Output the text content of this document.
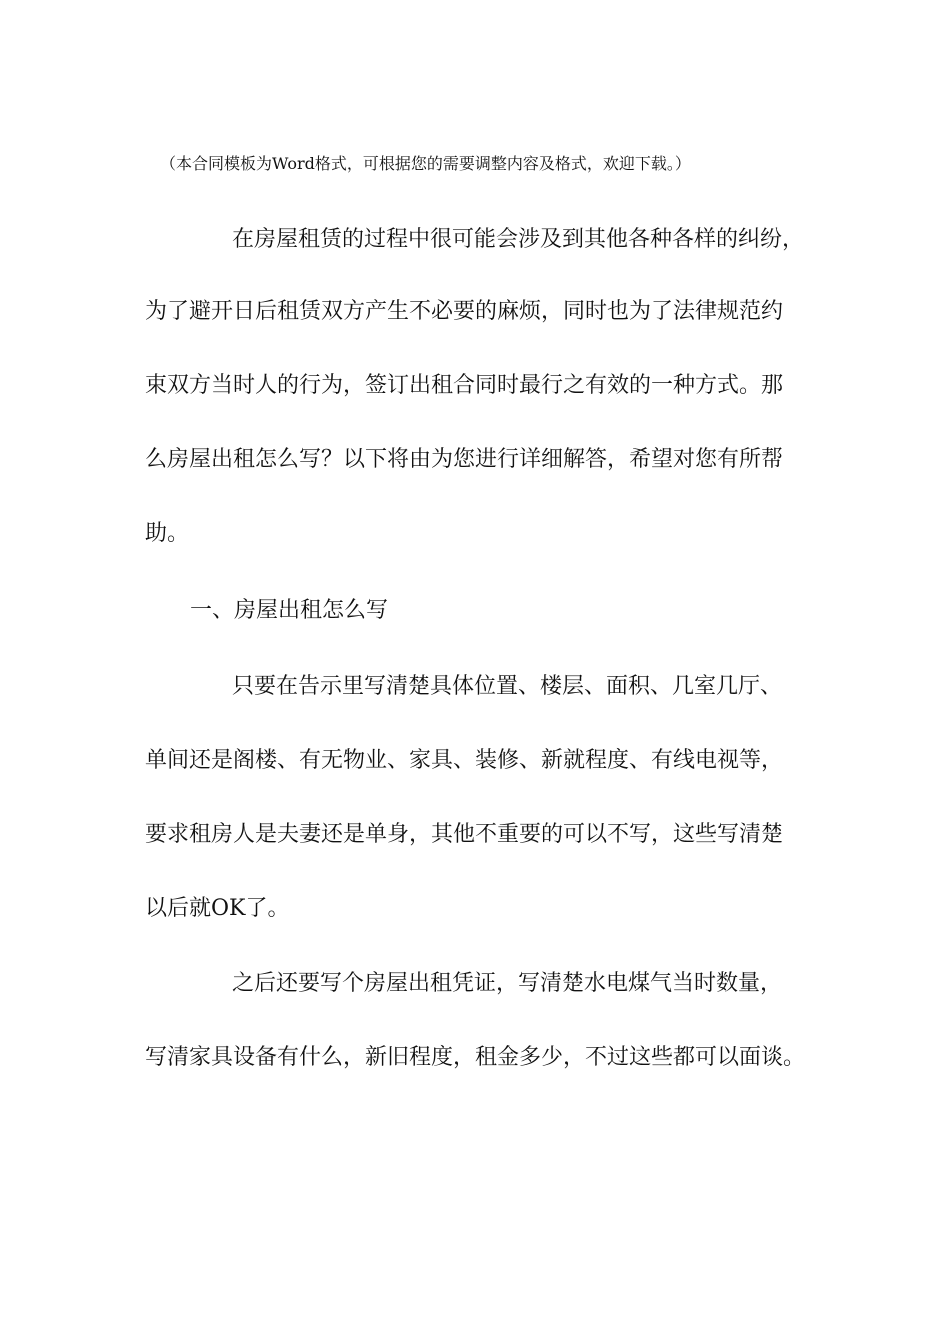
（本合同模板为Word格式，可根据您的需要调整内容及格式，欢迎下载。）
在房屋租赁的过程中很可能会涉及到其他各种各样的纠纷，
为了避开日后租赁双方产生不必要的麻烦，同时也为了法律规范约
束双方当时人的行为，签订出租合同时最行之有效的一种方式。那
么房屋出租怎么写？以下将由为您进行详细解答，希望对您有所帮
助。
一、房屋出租怎么写
只要在告示里写清楚具体位置、楼层、面积、几室几厅、
单间还是阁楼、有无物业、家具、装修、新就程度、有线电视等，
要求租房人是夫妻还是单身，其他不重要的可以不写，这些写清楚
以后就OK了。
之后还要写个房屋出租凭证，写清楚水电煤气当时数量，
写清家具设备有什么，新旧程度，租金多少，不过这些都可以面谈。
